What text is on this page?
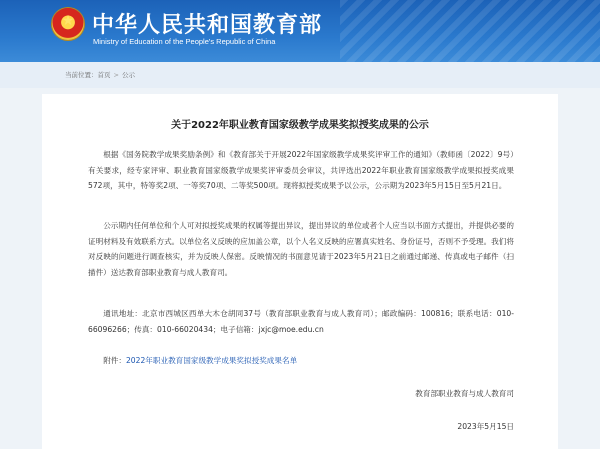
★
中华人民共和国教育部
Ministry of Education of the People's Republic of China
当前位置：首页 > 公示
关于2022年职业教育国家级教学成果奖拟授奖成果的公示
根据《国务院教学成果奖励条例》和《教育部关于开展2022年国家级教学成果奖评审工作的通知》（教师函〔2022〕9号）有关要求，经专家评审、职业教育国家级教学成果奖评审委员会审议，共评选出2022年职业教育国家级教学成果拟授奖成果572项，其中，特等奖2项、一等奖70项、二等奖500项。现将拟授奖成果予以公示，公示期为2023年5月15日至5月21日。
公示期内任何单位和个人可对拟授奖成果的权属等提出异议，提出异议的单位或者个人应当以书面方式提出，并提供必要的证明材料及有效联系方式。以单位名义反映的应加盖公章，以个人名义反映的应署真实姓名、身份证号，否则不予受理。我们将对反映的问题进行调查核实，并为反映人保密。反映情况的书面意见请于2023年5月21日之前通过邮递、传真或电子邮件（扫描件）送达教育部职业教育与成人教育司。
通讯地址：北京市西城区西单大木仓胡同37号（教育部职业教育与成人教育司）；邮政编码：100816；联系电话：010-66096266；传真：010-66020434；电子信箱：jxjc@moe.edu.cn
附件：2022年职业教育国家级教学成果奖拟授奖成果名单
教育部职业教育与成人教育司
2023年5月15日
